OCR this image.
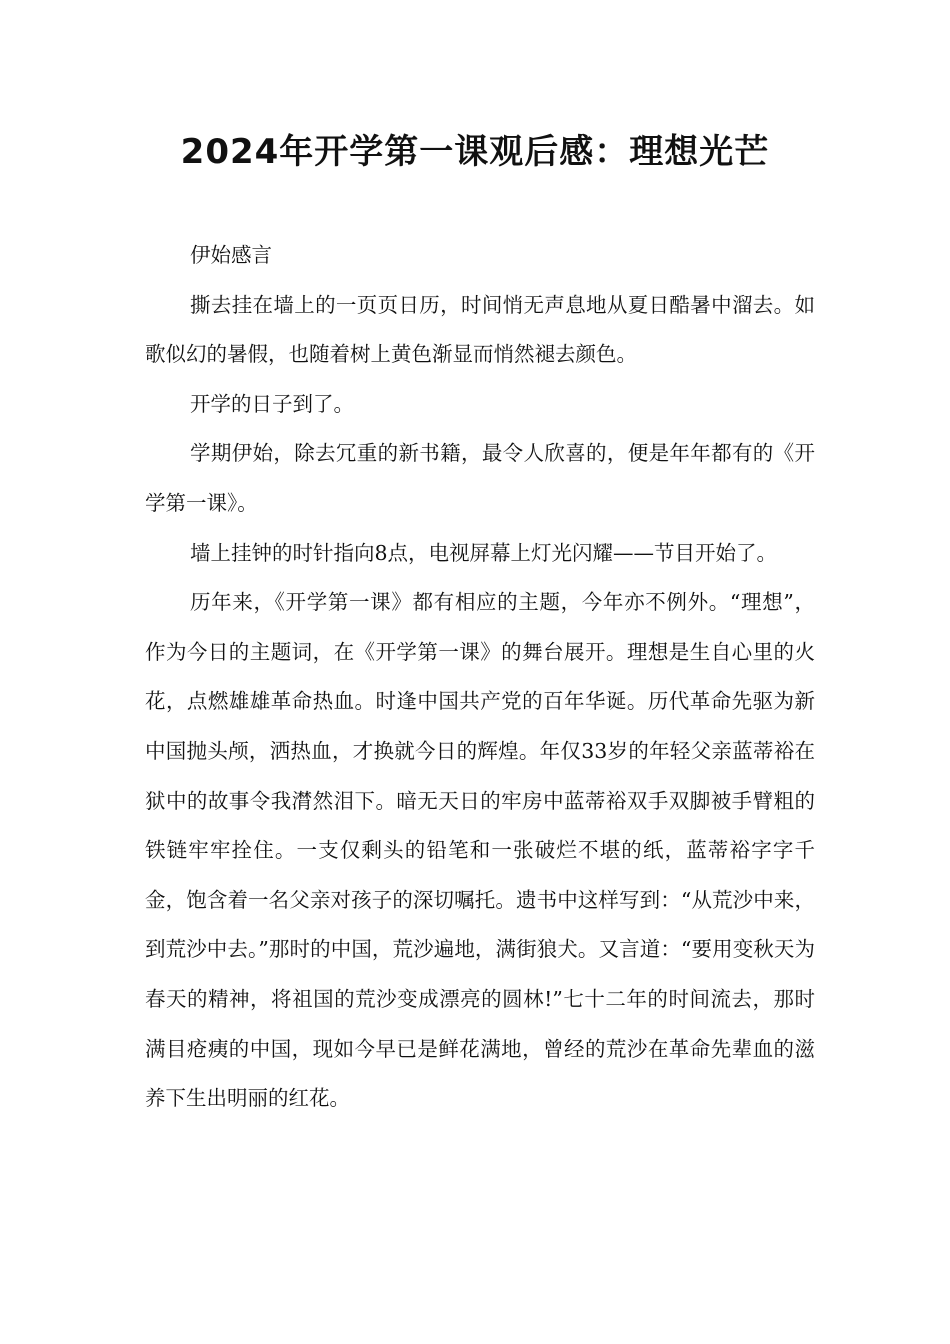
2024年开学第一课观后感：理想光芒

伊始感言

撕去挂在墙上的一页页日历，时间悄无声息地从夏日酷暑中溜去。如歌似幻的暑假，也随着树上黄色渐显而悄然褪去颜色。

开学的日子到了。

学期伊始，除去冗重的新书籍，最令人欣喜的，便是年年都有的《开学第一课》。

墙上挂钟的时针指向8点，电视屏幕上灯光闪耀——节目开始了。

历年来，《开学第一课》都有相应的主题，今年亦不例外。“理想”，作为今日的主题词，在《开学第一课》的舞台展开。理想是生自心里的火花，点燃雄雄革命热血。时逢中国共产党的百年华诞。历代革命先驱为新中国抛头颅，洒热血，才换就今日的辉煌。年仅33岁的年轻父亲蓝蒂裕在狱中的故事令我潸然泪下。暗无天日的牢房中蓝蒂裕双手双脚被手臂粗的铁链牢牢拴住。一支仅剩头的铅笔和一张破烂不堪的纸，蓝蒂裕字字千金，饱含着一名父亲对孩子的深切嘱托。遗书中这样写到：“从荒沙中来，到荒沙中去。”那时的中国，荒沙遍地，满街狼犬。又言道：“要用变秋天为春天的精神，将祖国的荒沙变成漂亮的圆林!”七十二年的时间流去，那时满目疮痍的中国，现如今早已是鲜花满地，曾经的荒沙在革命先辈血的滋养下生出明丽的红花。
